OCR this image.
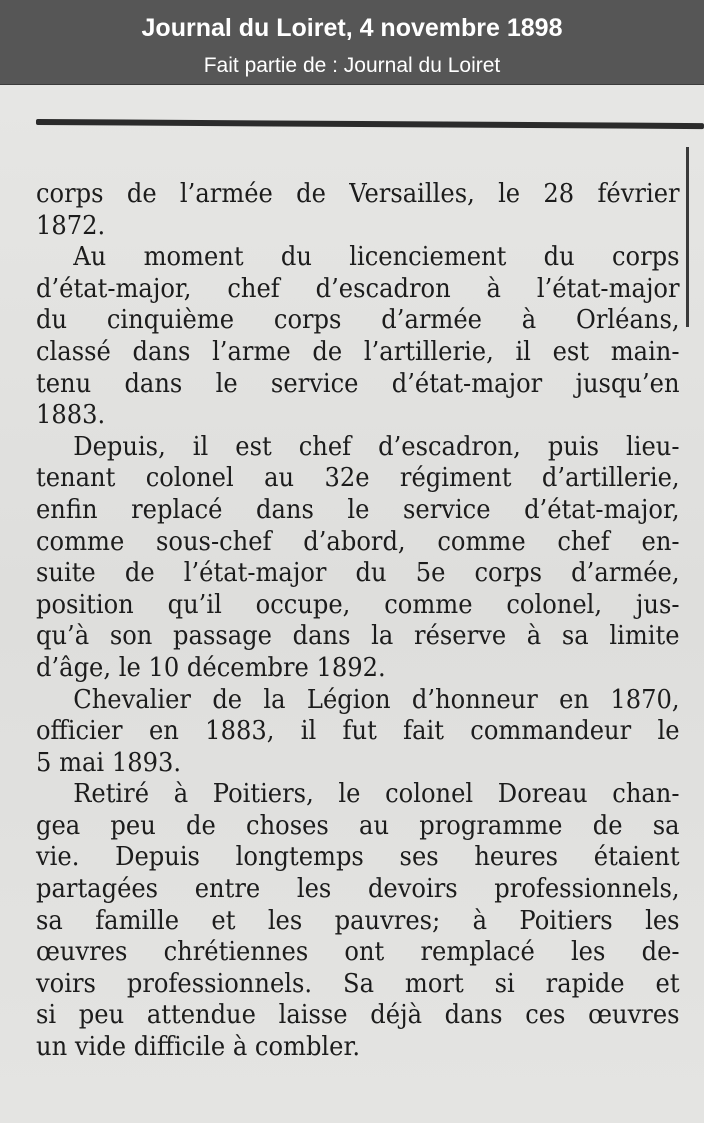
Journal du Loiret, 4 novembre 1898
Fait partie de : Journal du Loiret
corps de l’armée de Versailles, le 28 février
1872.
Au moment du licenciement du corps
d’état-major, chef d’escadron à l’état-major
du cinquième corps d’armée à Orléans,
classé dans l’arme de l’artillerie, il est main-
tenu dans le service d’état-major jusqu’en
1883.
Depuis, il est chef d’escadron, puis lieu-
tenant colonel au 32e régiment d’artillerie,
enfin replacé dans le service d’état-major,
comme sous-chef d’abord, comme chef en-
suite de l’état-major du 5e corps d’armée,
position qu’il occupe, comme colonel, jus-
qu’à son passage dans la réserve à sa limite
d’âge, le 10 décembre 1892.
Chevalier de la Légion d’honneur en 1870,
officier en 1883, il fut fait commandeur le
5 mai 1893.
Retiré à Poitiers, le colonel Doreau chan-
gea peu de choses au programme de sa
vie. Depuis longtemps ses heures étaient
partagées entre les devoirs professionnels,
sa famille et les pauvres; à Poitiers les
œuvres chrétiennes ont remplacé les de-
voirs professionnels. Sa mort si rapide et
si peu attendue laisse déjà dans ces œuvres
un vide difficile à combler.
